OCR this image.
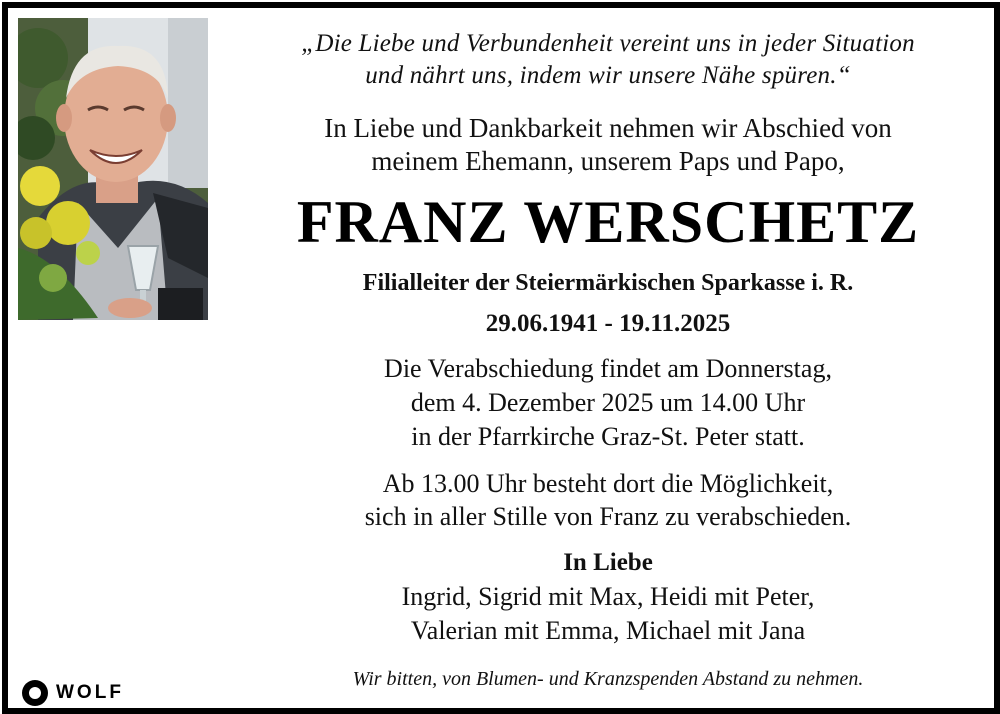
„Die Liebe und Verbundenheit vereint uns in jeder Situation
und nährt uns, indem wir unsere Nähe spüren.“
In Liebe und Dankbarkeit nehmen wir Abschied von
meinem Ehemann, unserem Paps und Papo,
FRANZ WERSCHETZ
Filialleiter der Steiermärkischen Sparkasse i. R.
29.06.1941 - 19.11.2025
Die Verabschiedung findet am Donnerstag,
dem 4. Dezember 2025 um 14.00 Uhr
in der Pfarrkirche Graz-St. Peter statt.
Ab 13.00 Uhr besteht dort die Möglichkeit,
sich in aller Stille von Franz zu verabschieden.
In Liebe
Ingrid, Sigrid mit Max, Heidi mit Peter,
Valerian mit Emma, Michael mit Jana
Wir bitten, von Blumen- und Kranzspenden Abstand zu nehmen.
WOLF
